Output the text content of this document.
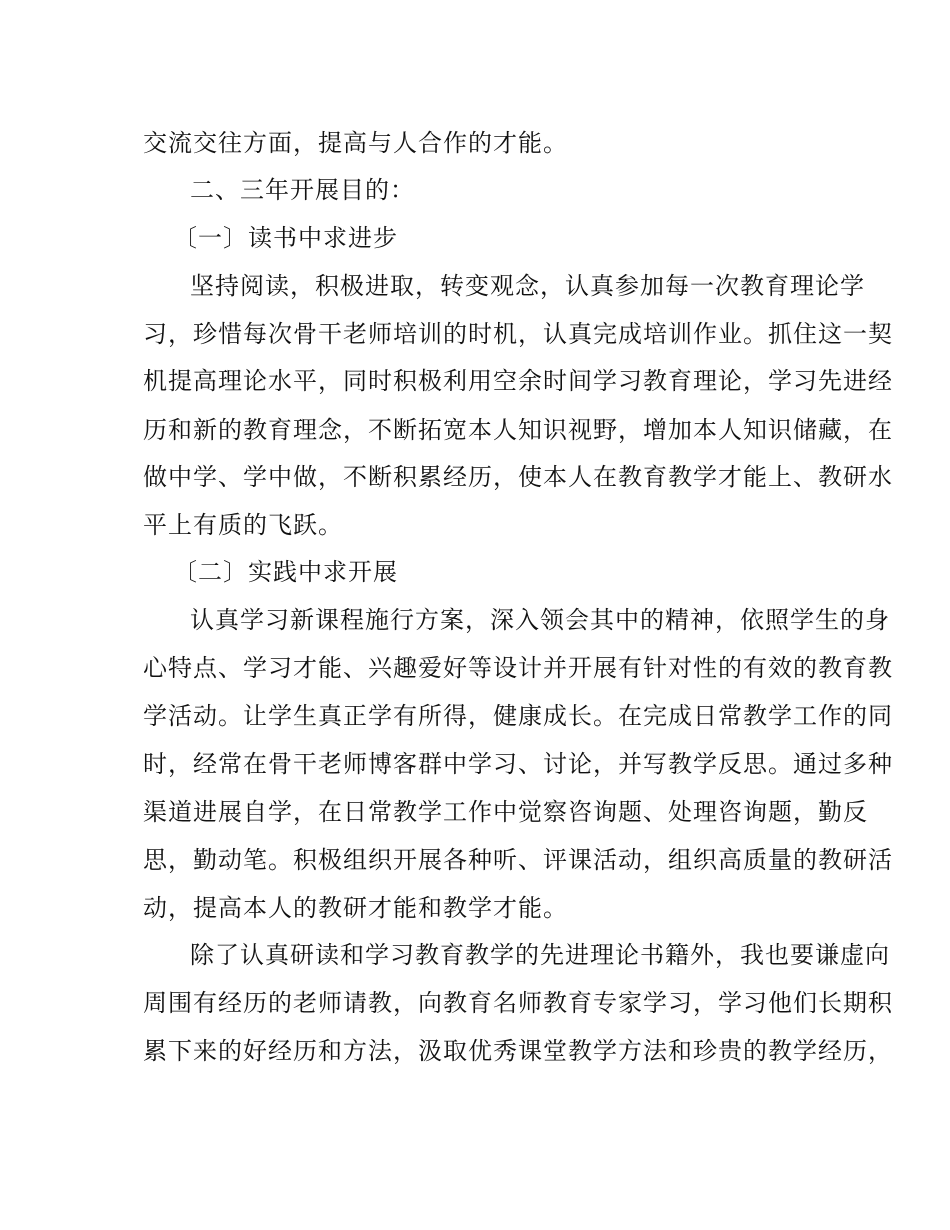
交流交往方面，提高与人合作的才能。
二、三年开展目的：
〔一〕读书中求进步
坚持阅读，积极进取，转变观念，认真参加每一次教育理论学
习，珍惜每次骨干老师培训的时机，认真完成培训作业。抓住这一契
机提高理论水平，同时积极利用空余时间学习教育理论，学习先进经
历和新的教育理念，不断拓宽本人知识视野，增加本人知识储藏，在
做中学、学中做，不断积累经历，使本人在教育教学才能上、教研水
平上有质的飞跃。
〔二〕实践中求开展
认真学习新课程施行方案，深入领会其中的精神，依照学生的身
心特点、学习才能、兴趣爱好等设计并开展有针对性的有效的教育教
学活动。让学生真正学有所得，健康成长。在完成日常教学工作的同
时，经常在骨干老师博客群中学习、讨论，并写教学反思。通过多种
渠道进展自学，在日常教学工作中觉察咨询题、处理咨询题，勤反
思，勤动笔。积极组织开展各种听、评课活动，组织高质量的教研活
动，提高本人的教研才能和教学才能。
除了认真研读和学习教育教学的先进理论书籍外，我也要谦虚向
周围有经历的老师请教，向教育名师教育专家学习，学习他们长期积
累下来的好经历和方法，汲取优秀课堂教学方法和珍贵的教学经历，
